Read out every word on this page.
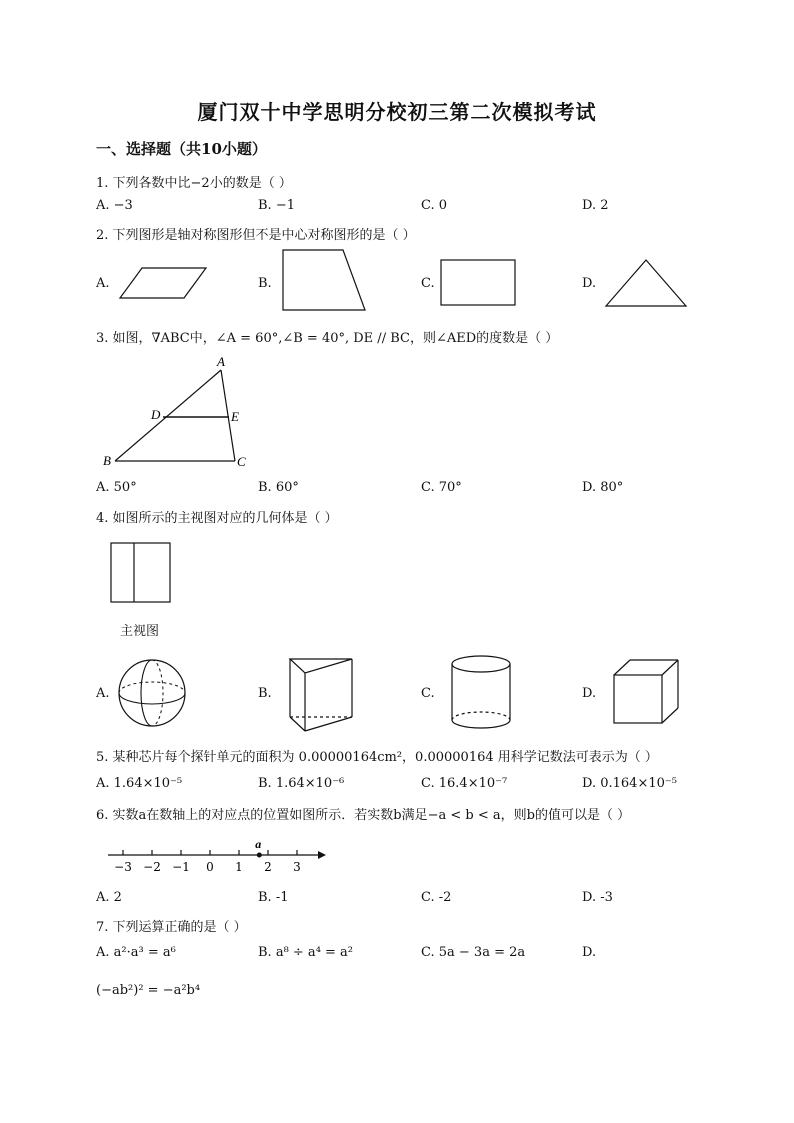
厦门双十中学思明分校初三第二次模拟考试
一、选择题（共10小题）
1. 下列各数中比−2小的数是（ ）
A. −3	B. −1	C. 0	D. 2
2. 下列图形是轴对称图形但不是中心对称图形的是（ ）
A.	B.	C.	D.
3. 如图，∇ABC中，∠A = 60°,∠B = 40°, DE // BC，则∠AED的度数是（ ）
A
B	C
D	E
A. 50°	B. 60°	C. 70°	D. 80°
4. 如图所示的主视图对应的几何体是（ ）
主视图
A.	B.	C.	D.
5. 某种芯片每个探针单元的面积为 0.00000164cm²，0.00000164 用科学记数法可表示为（ ）
A. 1.64×10⁻⁵	B. 1.64×10⁻⁶	C. 16.4×10⁻⁷	D. 0.164×10⁻⁵
6. 实数a在数轴上的对应点的位置如图所示．若实数b满足−a < b < a，则b的值可以是（ ）
−3 −2 −1 0 1 2 3
a
A. 2	B. -1	C. -2	D. -3
7. 下列运算正确的是（ ）
A. a²·a³ = a⁶	B. a⁸ ÷ a⁴ = a²	C. 5a − 3a = 2a	D.
(−ab²)² = −a²b⁴
